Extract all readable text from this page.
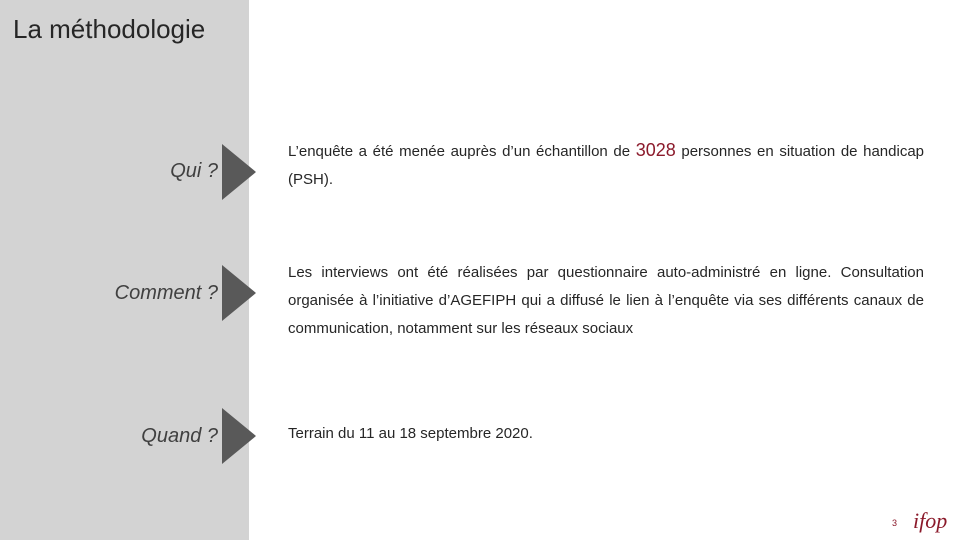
La méthodologie
Qui ?
L’enquête a été menée auprès d’un échantillon de 3028 personnes en situation de handicap (PSH).
Comment ?
Les interviews ont été réalisées par questionnaire auto-administré en ligne. Consultation organisée à l’initiative d’AGEFIPH qui a diffusé le lien à l’enquête via ses différents canaux de communication, notamment sur les réseaux sociaux
Quand ?	Terrain du 11 au 18 septembre 2020.
3 ifop
